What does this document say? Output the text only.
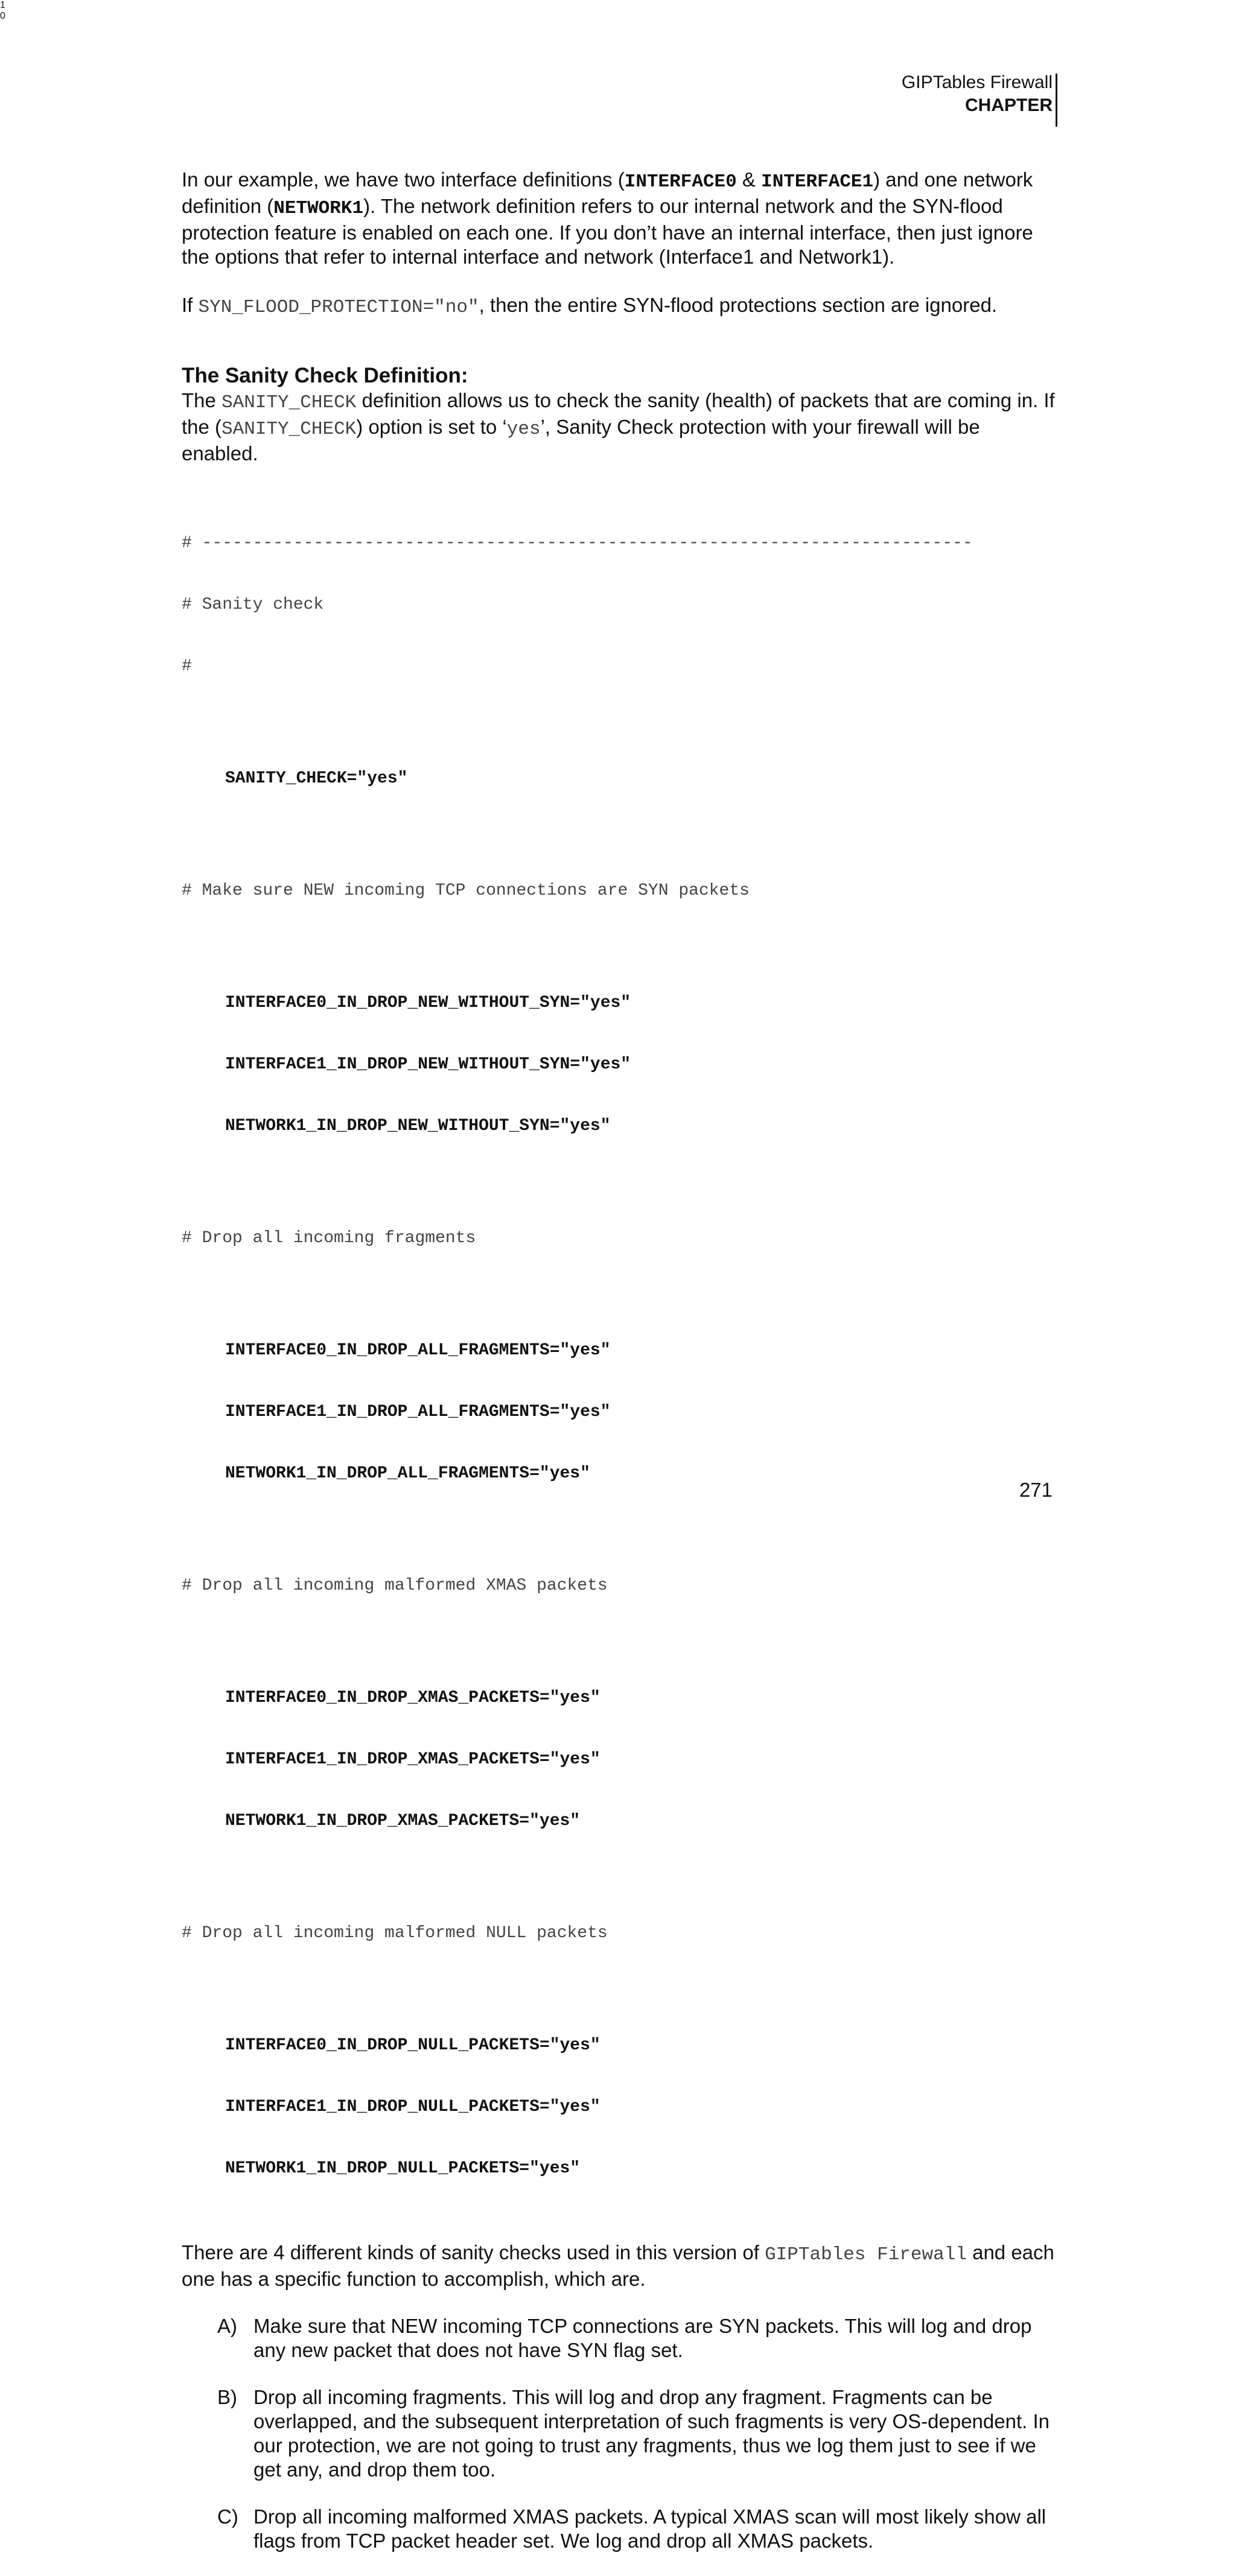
GIPTables Firewall
CHAPTER
1
0

In our example, we have two interface definitions (INTERFACE0 & INTERFACE1) and one network definition (NETWORK1). The network definition refers to our internal network and the SYN-flood protection feature is enabled on each one. If you don’t have an internal interface, then just ignore the options that refer to internal interface and network (Interface1 and Network1).

If SYN_FLOOD_PROTECTION="no", then the entire SYN-flood protections section are ignored.

The Sanity Check Definition:

The SANITY_CHECK definition allows us to check the sanity (health) of packets that are coming in. If the (SANITY_CHECK) option is set to ‘yes’, Sanity Check protection with your firewall will be enabled.

# ----------------------------------------------------------------------------

# Sanity check

#

SANITY_CHECK="yes"

# Make sure NEW incoming TCP connections are SYN packets

INTERFACE0_IN_DROP_NEW_WITHOUT_SYN="yes"

INTERFACE1_IN_DROP_NEW_WITHOUT_SYN="yes"

NETWORK1_IN_DROP_NEW_WITHOUT_SYN="yes"

# Drop all incoming fragments

INTERFACE0_IN_DROP_ALL_FRAGMENTS="yes"

INTERFACE1_IN_DROP_ALL_FRAGMENTS="yes"

NETWORK1_IN_DROP_ALL_FRAGMENTS="yes"

# Drop all incoming malformed XMAS packets

INTERFACE0_IN_DROP_XMAS_PACKETS="yes"

INTERFACE1_IN_DROP_XMAS_PACKETS="yes"

NETWORK1_IN_DROP_XMAS_PACKETS="yes"

# Drop all incoming malformed NULL packets

INTERFACE0_IN_DROP_NULL_PACKETS="yes"

INTERFACE1_IN_DROP_NULL_PACKETS="yes"

NETWORK1_IN_DROP_NULL_PACKETS="yes"

There are 4 different kinds of sanity checks used in this version of GIPTables Firewall and each one has a specific function to accomplish, which are.

A) Make sure that NEW incoming TCP connections are SYN packets. This will log and drop any new packet that does not have SYN flag set.
B) Drop all incoming fragments. This will log and drop any fragment. Fragments can be overlapped, and the subsequent interpretation of such fragments is very OS-dependent. In our protection, we are not going to trust any fragments, thus we log them just to see if we get any, and drop them too.
C) Drop all incoming malformed XMAS packets. A typical XMAS scan will most likely show all flags from TCP packet header set. We log and drop all XMAS packets.
271
